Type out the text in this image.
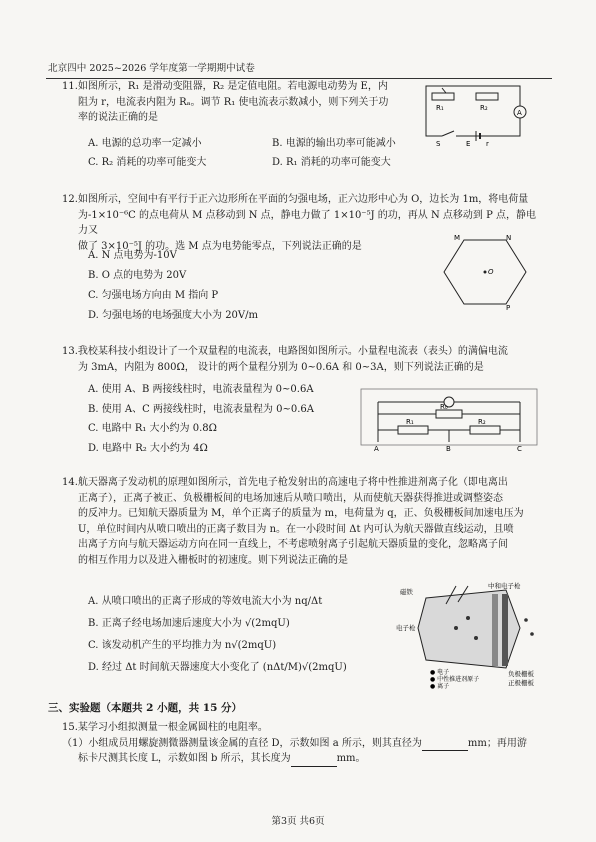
北京四中 2025~2026 学年度第一学期期中试卷

11.如图所示，R₁ 是滑动变阻器，R₂ 是定值电阻。若电源电动势为 E，内

阻为 r，电流表内阻为 Rₐ。调节 R₁ 使电流表示数减小，则下列关于功

率的说法正确的是

A. 电源的总功率一定减小	B. 电源的输出功率可能减小
C. R₂ 消耗的功率可能变大	D. R₁ 消耗的功率可能变大
A
R₁	R₂
S	E r

12.如图所示，空间中有平行于正六边形所在平面的匀强电场，正六边形中心为 O，边长为 1m，将电荷量

为-1×10⁻⁶C 的点电荷从 M 点移动到 N 点，静电力做了 1×10⁻⁵J 的功，再从 N 点移动到 P 点，静电力又

做了 3×10⁻⁵J 的功。选 M 点为电势能零点，下列说法正确的是

A. N 点电势为-10V
B. O 点的电势为 20V
C. 匀强电场方向由 M 指向 P
D. 匀强电场的电场强度大小为 20V/m
M	N
O
P

13.我校某科技小组设计了一个双量程的电流表，电路图如图所示。小量程电流表（表头）的满偏电流

为 3mA，内阻为 800Ω， 设计的两个量程分别为 0~0.6A 和 0~3A，则下列说法正确的是

A. 使用 A、B 两接线柱时，电流表量程为 0~0.6A
B. 使用 A、C 两接线柱时，电流表量程为 0~0.6A
C. 电路中 R₁ 大小约为 0.8Ω
D. 电路中 R₂ 大小约为 4Ω
R₀
R₁	R₂
A	B	C

14.航天器离子发动机的原理如图所示，首先电子枪发射出的高速电子将中性推进剂离子化（即电离出

正离子），正离子被正、负极栅板间的电场加速后从喷口喷出，从而使航天器获得推进或调整姿态

的反冲力。已知航天器质量为 M，单个正离子的质量为 m，电荷量为 q，正、负极栅板间加速电压为

U，单位时间内从喷口喷出的正离子数目为 n。在一小段时间 Δt 内可认为航天器做直线运动，且喷

出离子方向与航天器运动方向在同一直线上，不考虑喷射离子引起航天器质量的变化，忽略离子间

的相互作用力以及进入栅板时的初速度。则下列说法正确的是

A. 从喷口喷出的正离子形成的等效电流大小为 nq/Δt
B. 正离子经电场加速后速度大小为 √(2mqU)
C. 该发动机产生的平均推力为 n√(2mqU)
D. 经过 Δt 时间航天器速度大小变化了 (nΔt/M)√(2mqU)
磁铁
中和电子枪
电子枪
负极栅板
正极栅板
● 电子
● 中性推进剂原子
● 离子
三、实验题（本题共 2 小题，共 15 分）

15.某学习小组拟测量一根金属圆柱的电阻率。

（1）小组成员用螺旋测微器测量该金属的直径 D，示数如图 a 所示，则其直径为	mm；再用游

标卡尺测其长度 L，示数如图 b 所示，其长度为	mm。

第3页 共6页
